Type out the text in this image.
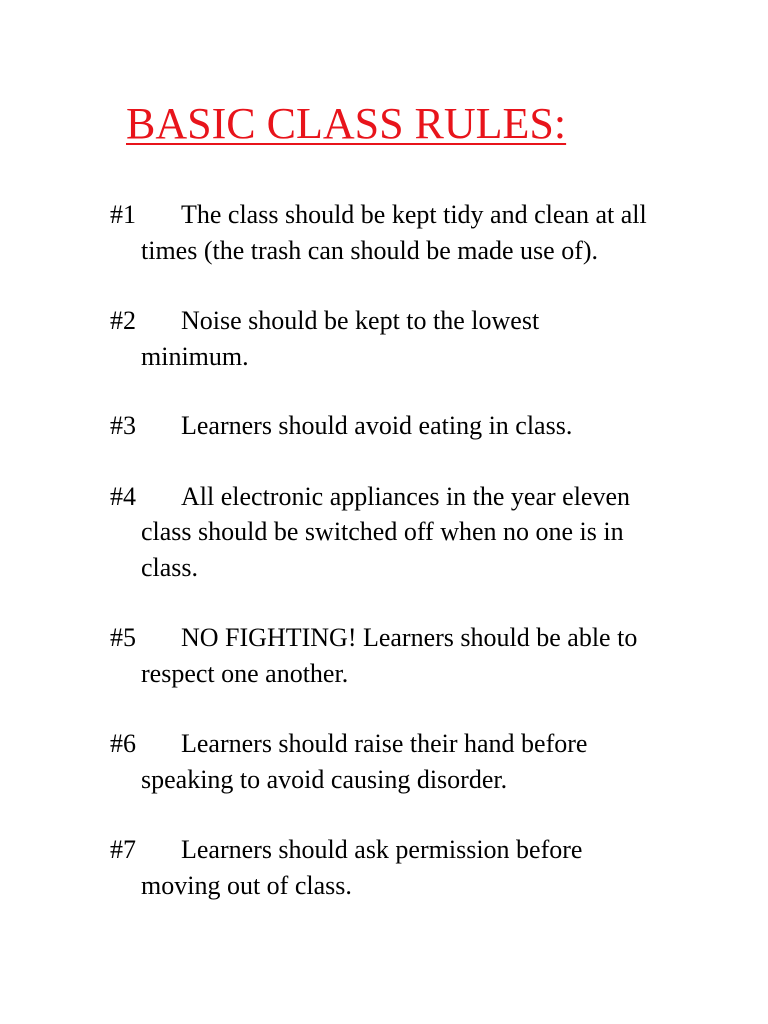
BASIC CLASS RULES:
#1 The class should be kept tidy and clean at all
times (the trash can should be made use of).
#2 Noise should be kept to the lowest
minimum.
#3 Learners should avoid eating in class.
#4 All electronic appliances in the year eleven
class should be switched off when no one is in
class.
#5 NO FIGHTING! Learners should be able to
respect one another.
#6 Learners should raise their hand before
speaking to avoid causing disorder.
#7 Learners should ask permission before
moving out of class.
